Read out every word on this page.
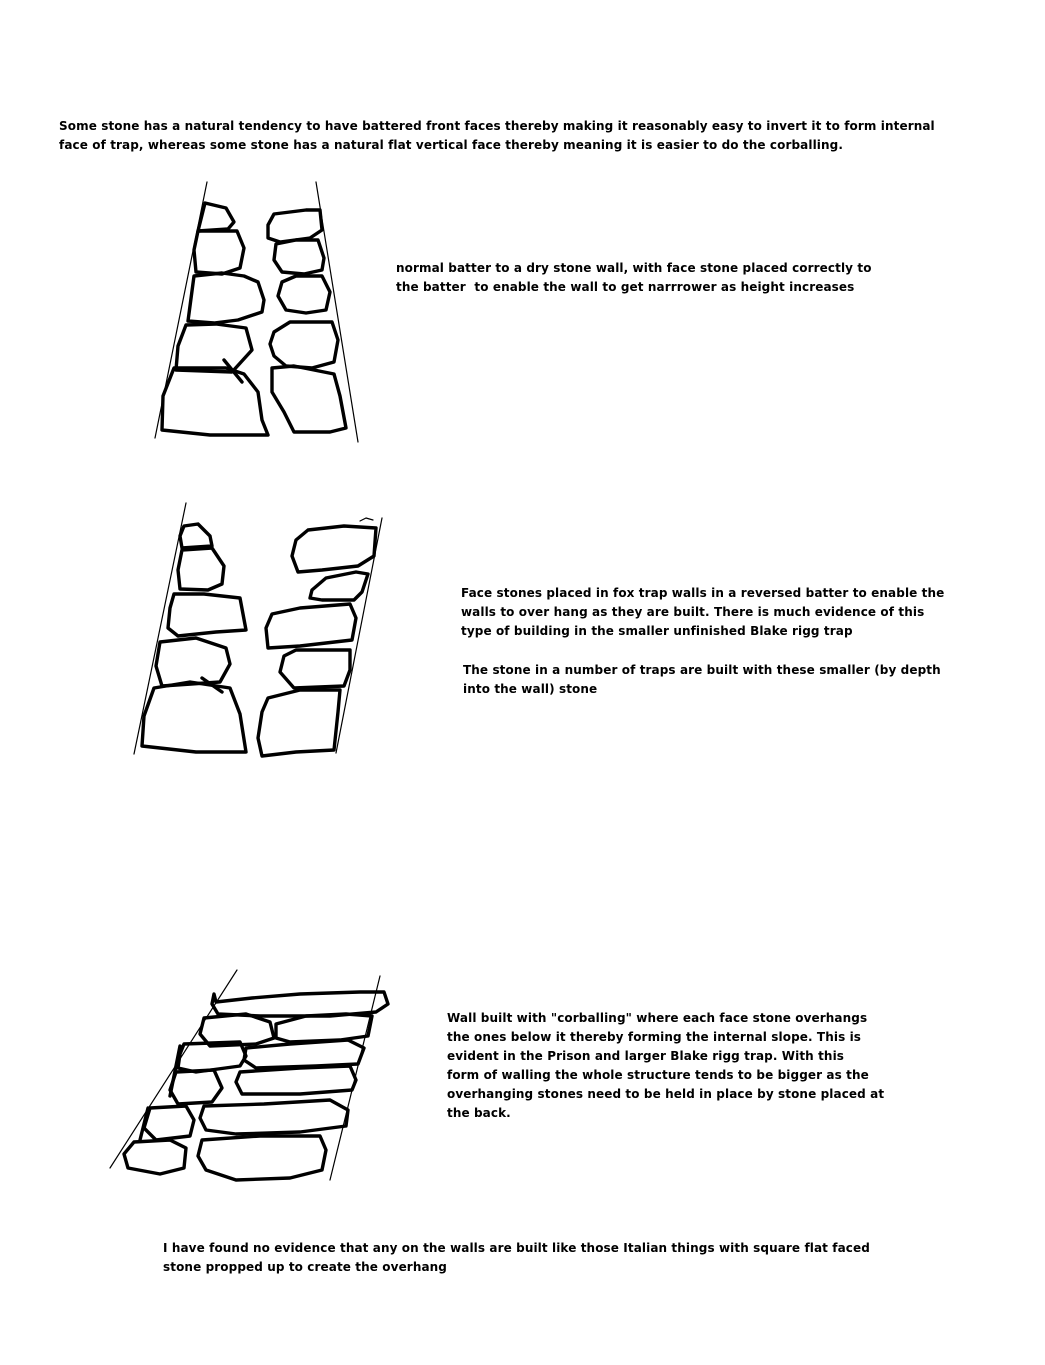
Some stone has a natural tendency to have battered front faces thereby making it reasonably easy to invert it to form internal face of trap, whereas some stone has a natural flat vertical face thereby meaning it is easier to do the corballing.
normal batter to a dry stone wall, with face stone placed correctly to
the batter  to enable the wall to get narrrower as height increases
Face stones placed in fox trap walls in a reversed batter to enable the
walls to over hang as they are built. There is much evidence of this
type of building in the smaller unfinished Blake rigg trap
The stone in a number of traps are built with these smaller (by depth
into the wall) stone
Wall built with "corballing" where each face stone overhangs
the ones below it thereby forming the internal slope. This is
evident in the Prison and larger Blake rigg trap. With this
form of walling the whole structure tends to be bigger as the
overhanging stones need to be held in place by stone placed at
the back.
I have found no evidence that any on the walls are built like those Italian things with square flat faced
stone propped up to create the overhang
